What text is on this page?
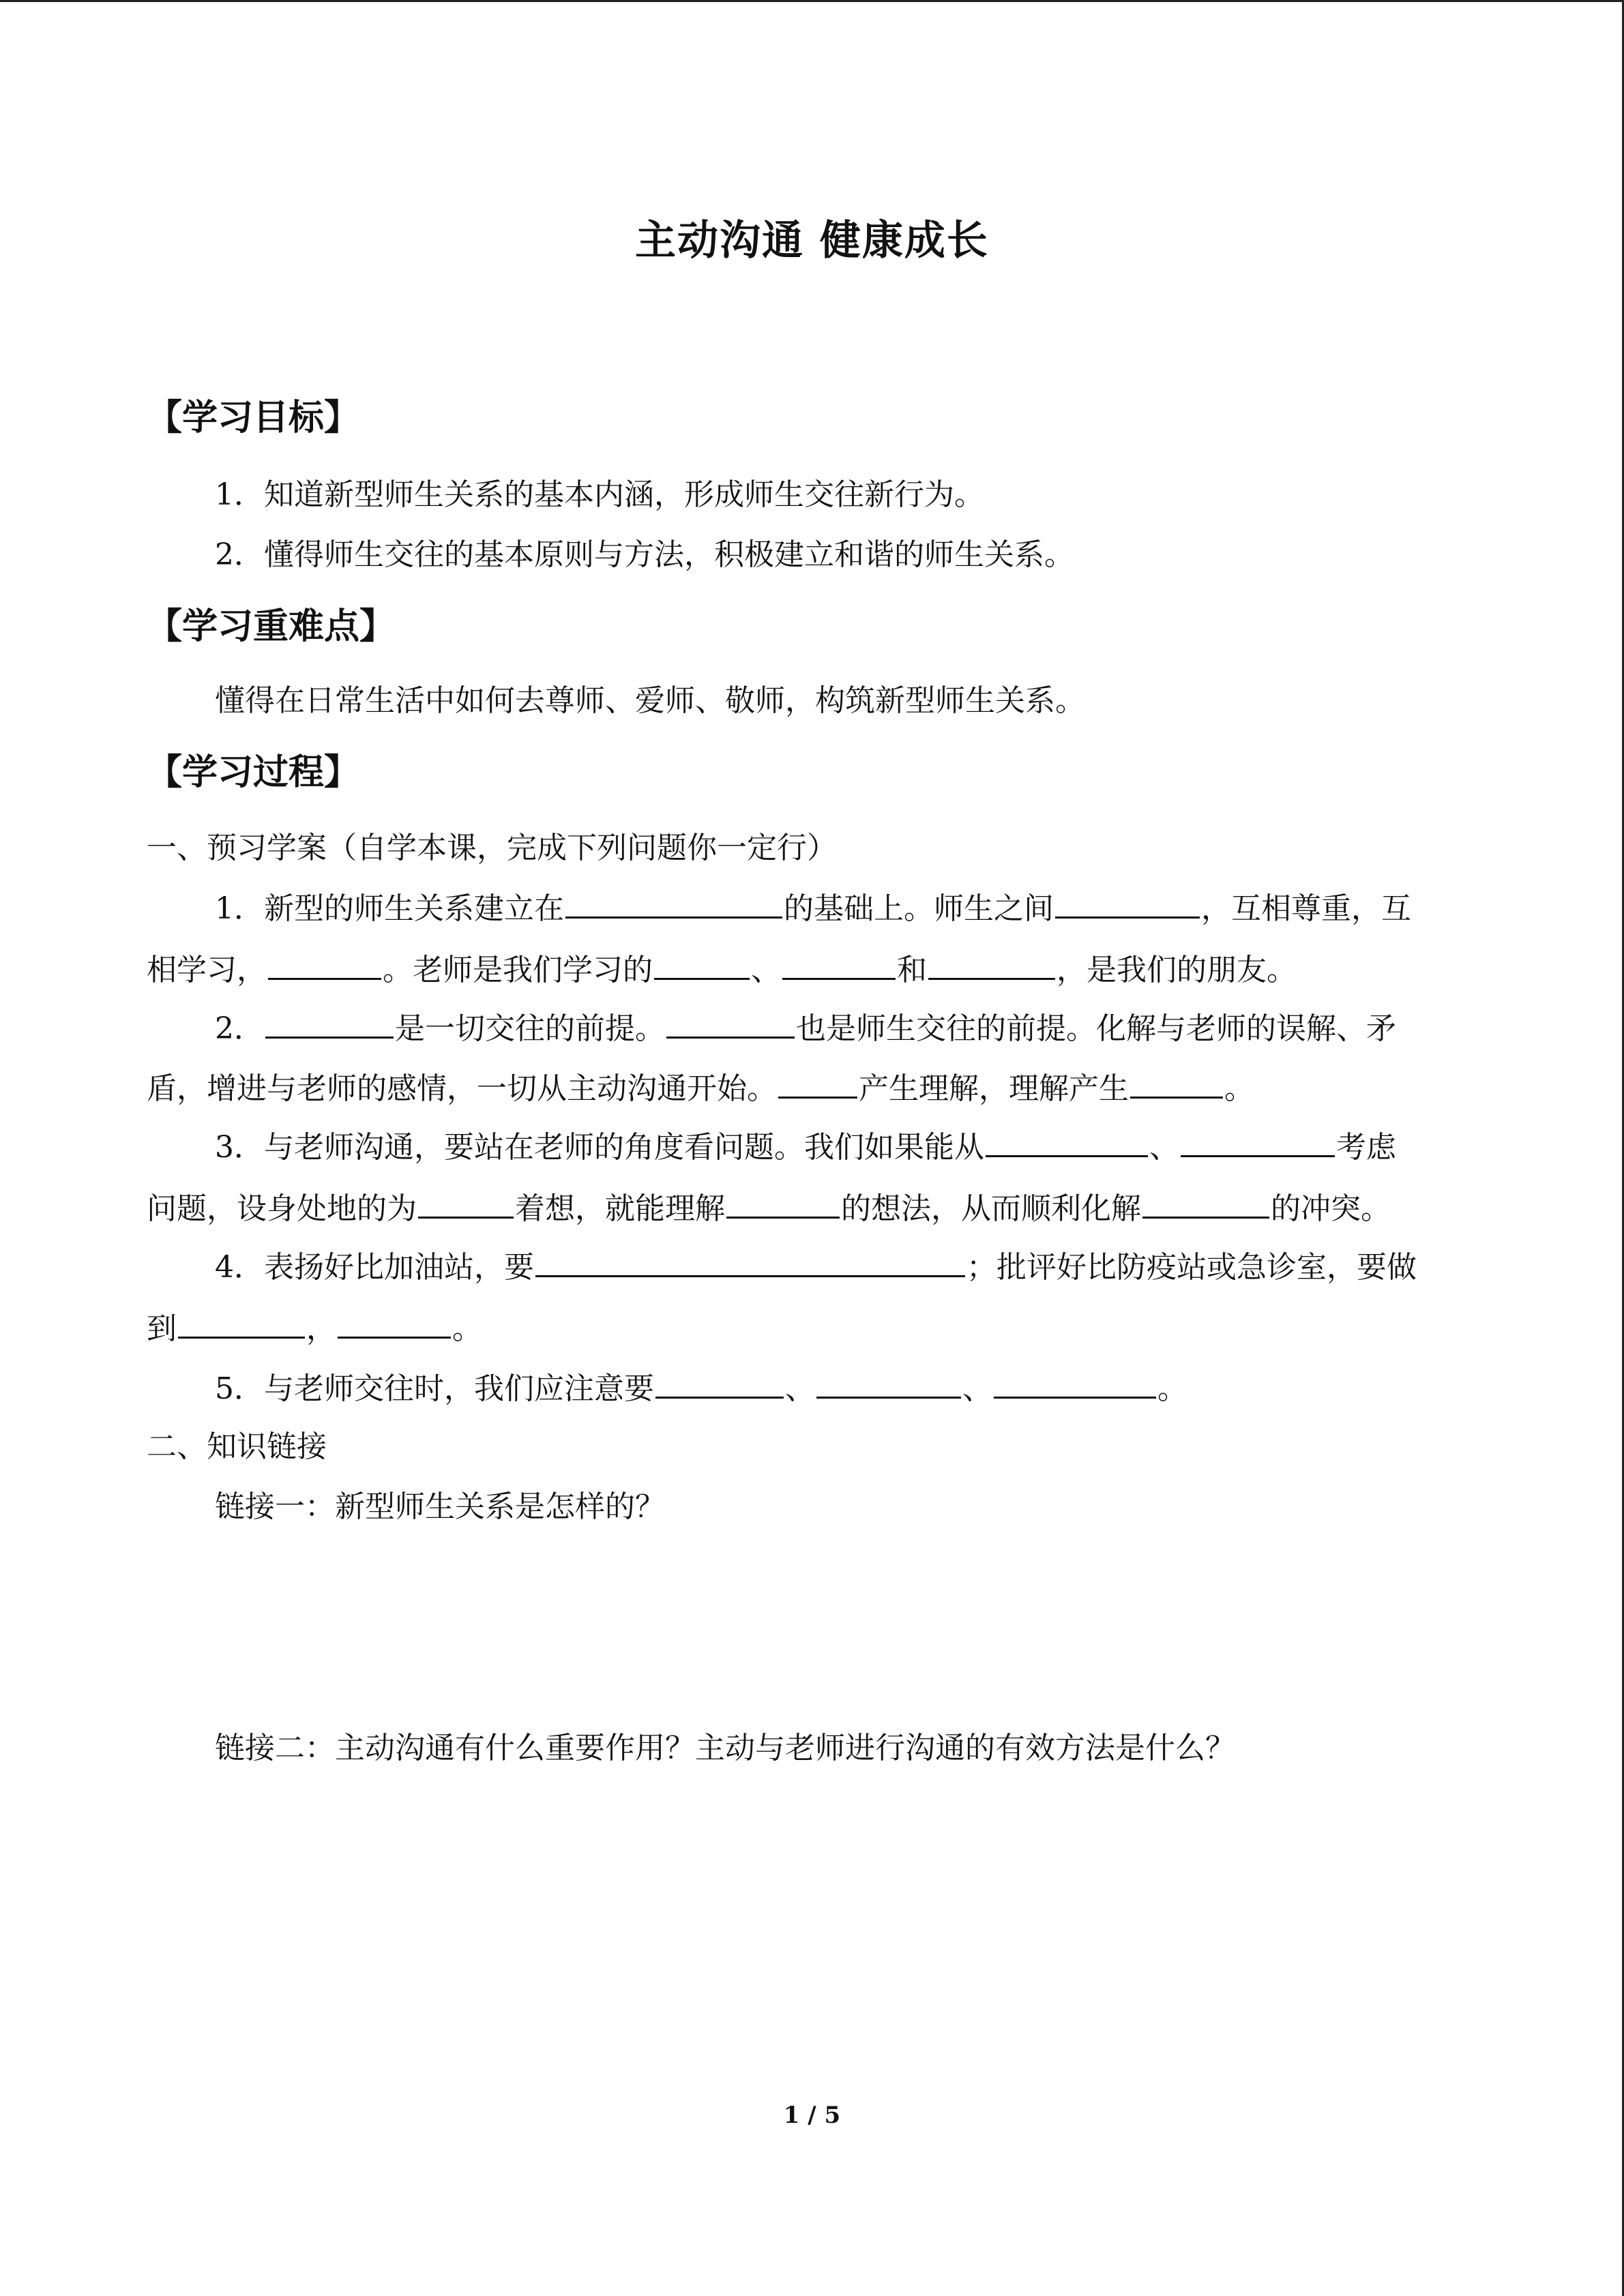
主动沟通 健康成长
【学习目标】
1．知道新型师生关系的基本内涵，形成师生交往新行为。
2．懂得师生交往的基本原则与方法，积极建立和谐的师生关系。
【学习重难点】
懂得在日常生活中如何去尊师、爱师、敬师，构筑新型师生关系。
【学习过程】
一、预习学案（自学本课，完成下列问题你一定行）
1．新型的师生关系建立在	的基础上。师生之间	，互相尊重，互
相学习，	。老师是我们学习的	、	和	，是我们的朋友。
2．	是一切交往的前提。	也是师生交往的前提。化解与老师的误解、矛
盾，增进与老师的感情，一切从主动沟通开始。	产生理解，理解产生	。
3．与老师沟通，要站在老师的角度看问题。我们如果能从	、	考虑
问题，设身处地的为	着想，就能理解	的想法，从而顺利化解	的冲突。
4．表扬好比加油站，要	；批评好比防疫站或急诊室，要做
到	，	。
5．与老师交往时，我们应注意要	、	、	。
二、知识链接
链接一：新型师生关系是怎样的？
链接二：主动沟通有什么重要作用？主动与老师进行沟通的有效方法是什么？
1 / 5
